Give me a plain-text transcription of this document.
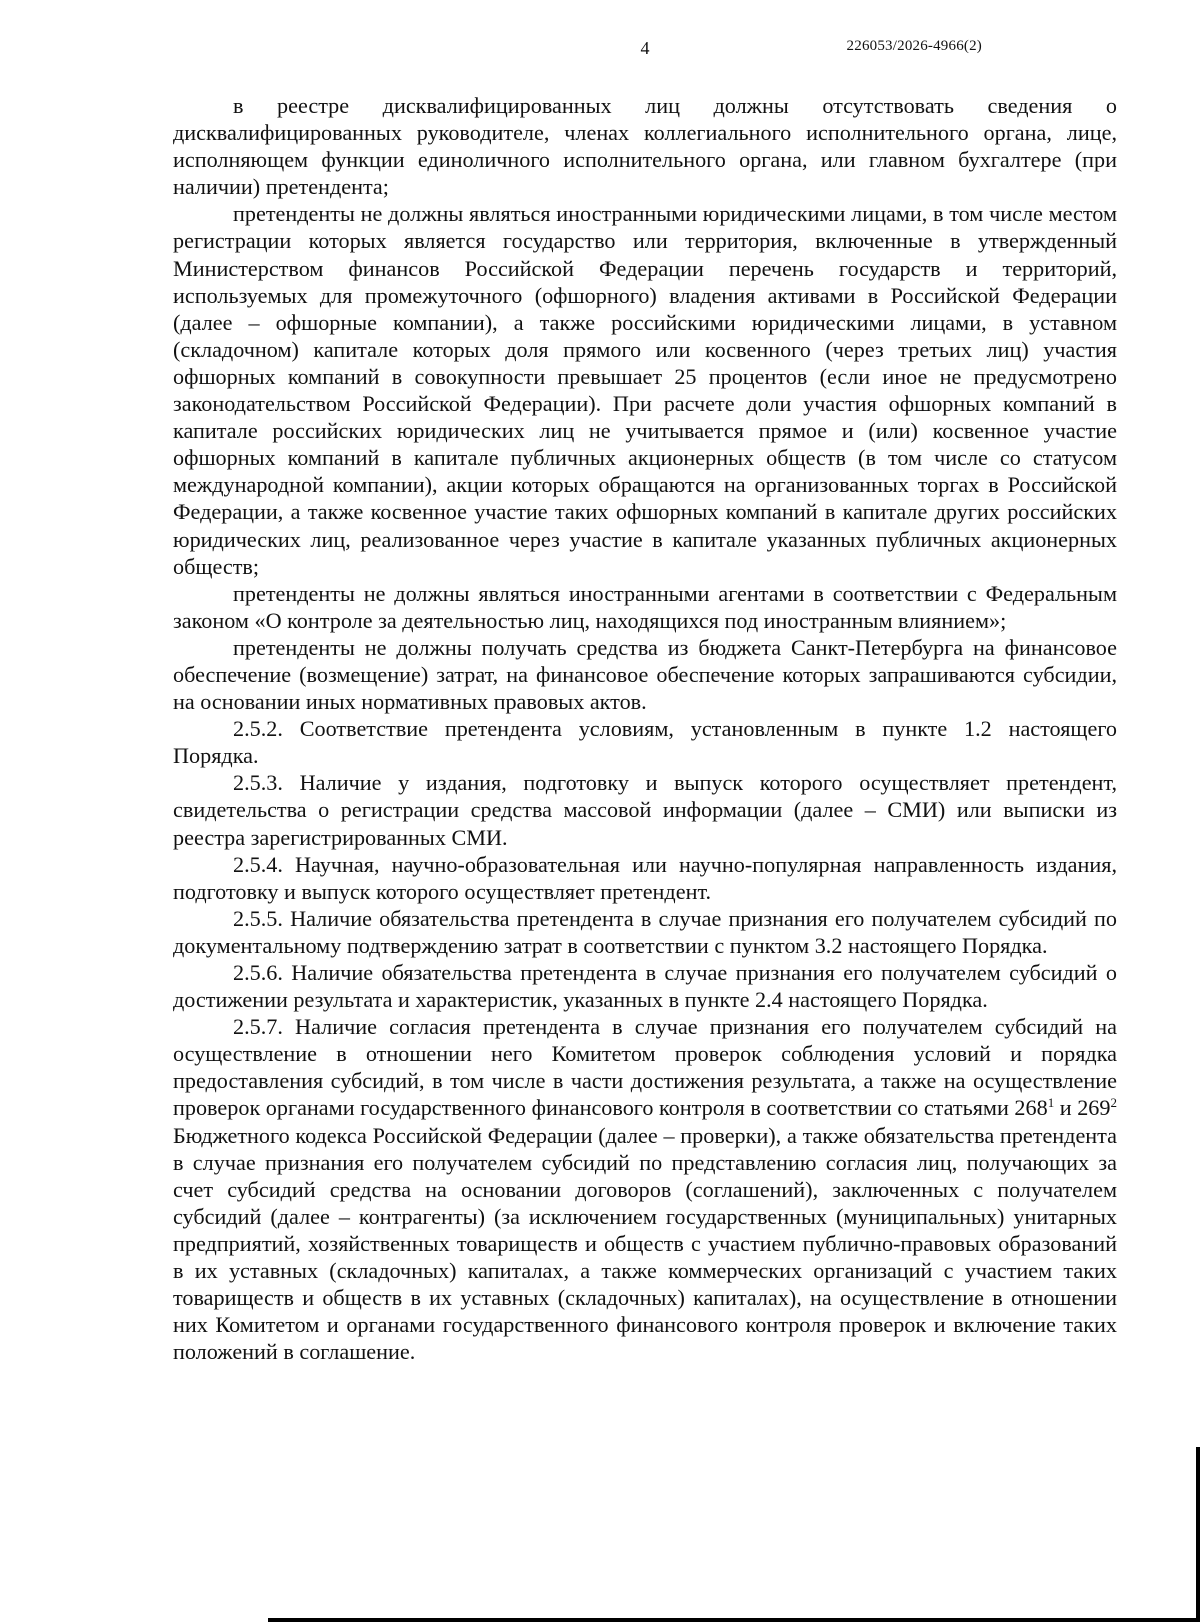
4	226053/2026-4966(2)

в реестре дисквалифицированных лиц должны отсутствовать сведения о дисквалифицированных руководителе, членах коллегиального исполнительного органа, лице, исполняющем функции единоличного исполнительного органа, или главном бухгалтере (при наличии) претендента;

претенденты не должны являться иностранными юридическими лицами, в том числе местом регистрации которых является государство или территория, включенные в утвержденный Министерством финансов Российской Федерации перечень государств и территорий, используемых для промежуточного (офшорного) владения активами в Российской Федерации (далее – офшорные компании), а также российскими юридическими лицами, в уставном (складочном) капитале которых доля прямого или косвенного (через третьих лиц) участия офшорных компаний в совокупности превышает 25 процентов (если иное не предусмотрено законодательством Российской Федерации). При расчете доли участия офшорных компаний в капитале российских юридических лиц не учитывается прямое и (или) косвенное участие офшорных компаний в капитале публичных акционерных обществ (в том числе со статусом международной компании), акции которых обращаются на организованных торгах в Российской Федерации, а также косвенное участие таких офшорных компаний в капитале других российских юридических лиц, реализованное через участие в капитале указанных публичных акционерных обществ;

претенденты не должны являться иностранными агентами в соответствии с Федеральным законом «О контроле за деятельностью лиц, находящихся под иностранным влиянием»;

претенденты не должны получать средства из бюджета Санкт-Петербурга на финансовое обеспечение (возмещение) затрат, на финансовое обеспечение которых запрашиваются субсидии, на основании иных нормативных правовых актов.

2.5.2. Соответствие претендента условиям, установленным в пункте 1.2 настоящего Порядка.

2.5.3. Наличие у издания, подготовку и выпуск которого осуществляет претендент, свидетельства о регистрации средства массовой информации (далее – СМИ) или выписки из реестра зарегистрированных СМИ.

2.5.4. Научная, научно-образовательная или научно-популярная направленность издания, подготовку и выпуск которого осуществляет претендент.

2.5.5. Наличие обязательства претендента в случае признания его получателем субсидий по документальному подтверждению затрат в соответствии с пунктом 3.2 настоящего Порядка.

2.5.6. Наличие обязательства претендента в случае признания его получателем субсидий о достижении результата и характеристик, указанных в пункте 2.4 настоящего Порядка.

2.5.7. Наличие согласия претендента в случае признания его получателем субсидий на осуществление в отношении него Комитетом проверок соблюдения условий и порядка предоставления субсидий, в том числе в части достижения результата, а также на осуществление проверок органами государственного финансового контроля в соответствии со статьями $268^1$ и $269^2$ Бюджетного кодекса Российской Федерации (далее – проверки), а также обязательства претендента в случае признания его получателем субсидий по представлению согласия лиц, получающих за счет субсидий средства на основании договоров (соглашений), заключенных с получателем субсидий (далее – контрагенты) (за исключением государственных (муниципальных) унитарных предприятий, хозяйственных товариществ и обществ с участием публично-правовых образований в их уставных (складочных) капиталах, а также коммерческих организаций с участием таких товариществ и обществ в их уставных (складочных) капиталах), на осуществление в отношении них Комитетом и органами государственного финансового контроля проверок и включение таких положений в соглашение.
